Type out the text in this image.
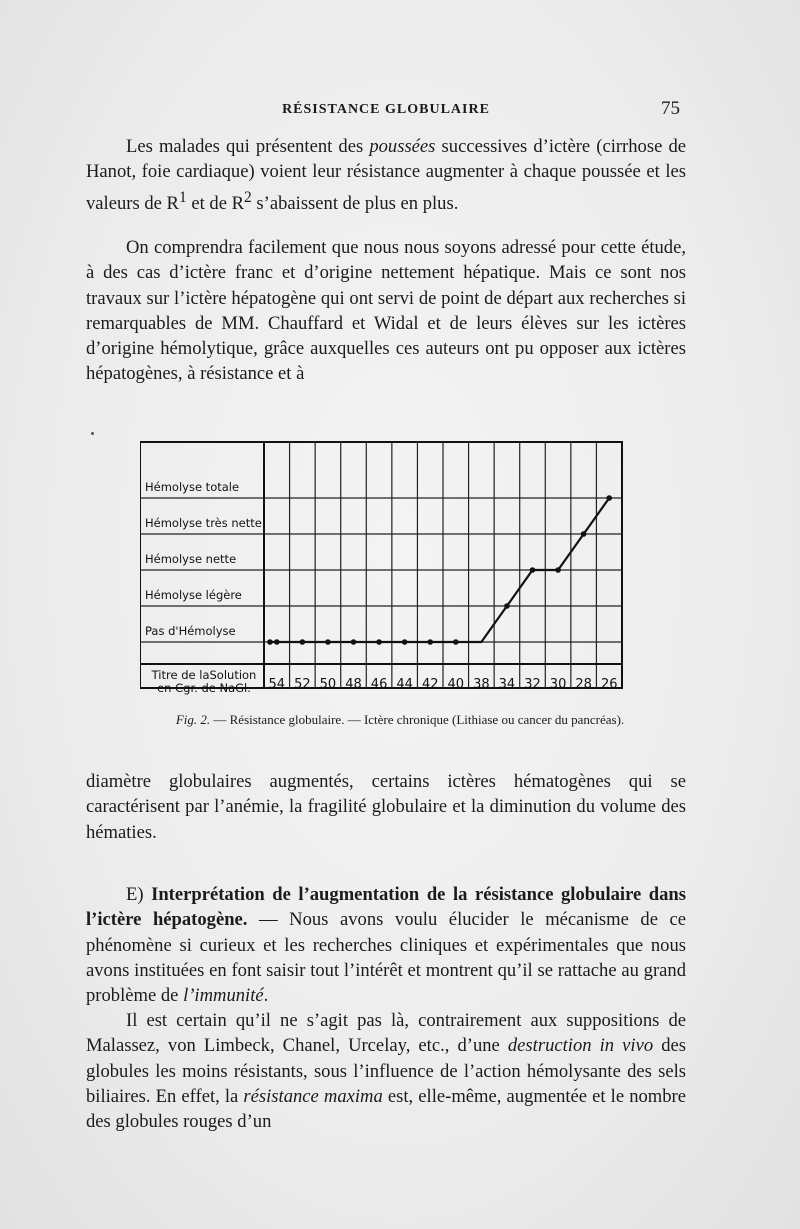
RÉSISTANCE GLOBULAIRE	75

Les malades qui présentent des poussées successives d’ictère (cirrhose de Hanot, foie cardiaque) voient leur résistance augmenter à chaque poussée et les valeurs de $R^1$ et de $R^2$ s’abaissent de plus en plus.

On comprendra facilement que nous nous soyons adressé pour cette étude, à des cas d’ictère franc et d’origine nettement hépatique. Mais ce sont nos travaux sur l’ictère hépatogène qui ont servi de point de départ aux recherches si remarquables de MM. Chauffard et Widal et de leurs élèves sur les ictères d’origine hémolytique, grâce auxquelles ces auteurs ont pu opposer aux ictères hépatogènes, à résistance et à

Hémolyse totale
Hémolyse très nette
Hémolyse nette
Hémolyse légère
Pas d'Hémolyse
54 52 50 48 46 44 42 40 38 34 32 30 28 26
Titre de laSolution
en Cgr. de NaGl.

Fig. 2. — Résistance globulaire. — Ictère chronique (Lithiase ou cancer du pancréas).

diamètre globulaires augmentés, certains ictères hématogènes qui se caractérisent par l’anémie, la fragilité globulaire et la diminution du volume des hématies.

E) Interprétation de l’augmentation de la résistance globulaire dans l’ictère hépatogène. — Nous avons voulu élucider le mécanisme de ce phénomène si curieux et les recherches cliniques et expérimentales que nous avons instituées en font saisir tout l’intérêt et montrent qu’il se rattache au grand problème de l’immunité.

Il est certain qu’il ne s’agit pas là, contrairement aux suppositions de Malassez, von Limbeck, Chanel, Urcelay, etc., d’une destruction in vivo des globules les moins résistants, sous l’influence de l’action hémolysante des sels biliaires. En effet, la résistance maxima est, elle-même, augmentée et le nombre des globules rouges d’un
